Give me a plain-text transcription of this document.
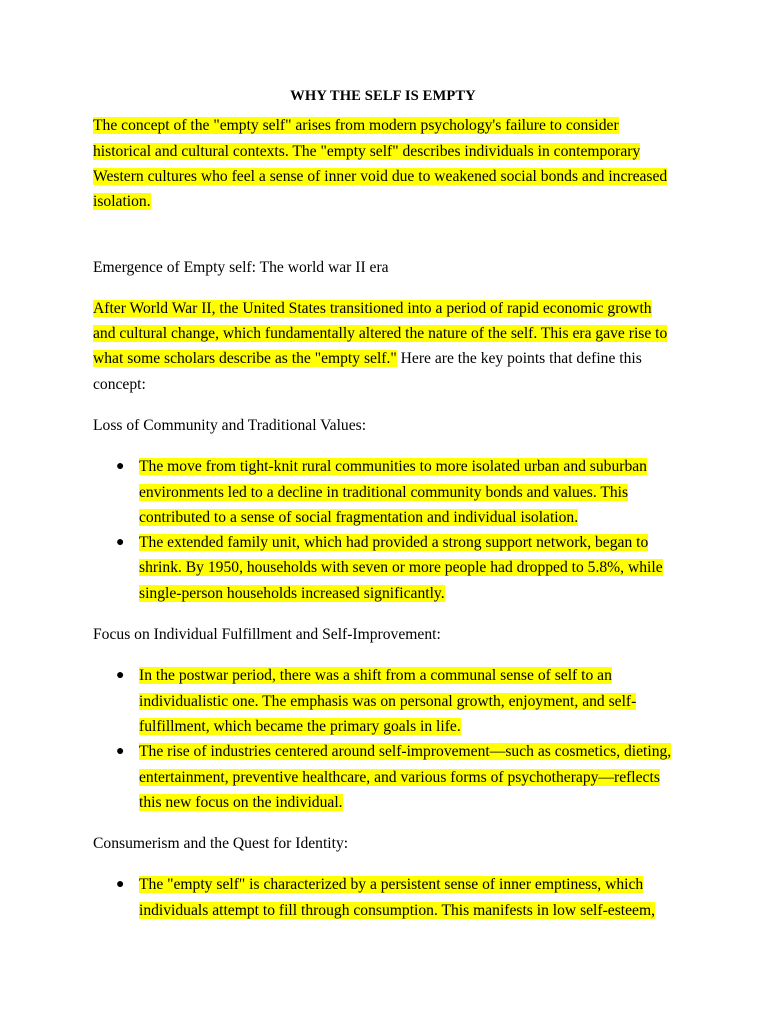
WHY THE SELF IS EMPTY

The concept of the "empty self" arises from modern psychology's failure to consider historical and cultural contexts. The "empty self" describes individuals in contemporary Western cultures who feel a sense of inner void due to weakened social bonds and increased isolation.

Emergence of Empty self: The world war II era

After World War II, the United States transitioned into a period of rapid economic growth and cultural change, which fundamentally altered the nature of the self. This era gave rise to what some scholars describe as the "empty self." Here are the key points that define this concept:

Loss of Community and Traditional Values:

● The move from tight-knit rural communities to more isolated urban and suburban environments led to a decline in traditional community bonds and values. This contributed to a sense of social fragmentation and individual isolation.
● The extended family unit, which had provided a strong support network, began to shrink. By 1950, households with seven or more people had dropped to 5.8%, while single-person households increased significantly.

Focus on Individual Fulfillment and Self-Improvement:

● In the postwar period, there was a shift from a communal sense of self to an individualistic one. The emphasis was on personal growth, enjoyment, and self-fulfillment, which became the primary goals in life.
● The rise of industries centered around self-improvement—such as cosmetics, dieting, entertainment, preventive healthcare, and various forms of psychotherapy—reflects this new focus on the individual.

Consumerism and the Quest for Identity:

● The "empty self" is characterized by a persistent sense of inner emptiness, which individuals attempt to fill through consumption. This manifests in low self-esteem,
